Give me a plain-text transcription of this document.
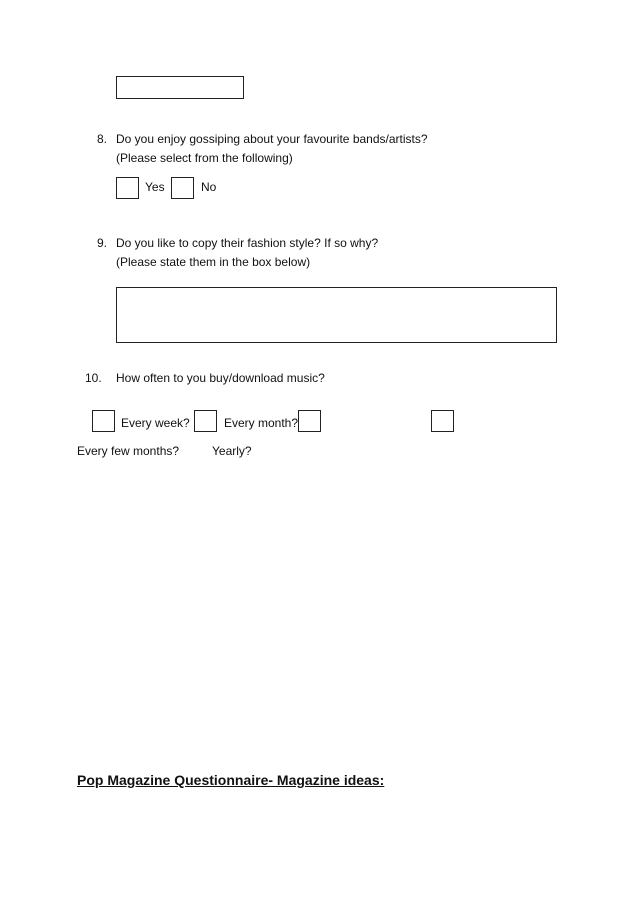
8. Do you enjoy gossiping about your favourite bands/artists?
(Please select from the following)
Yes	No
9. Do you like to copy their fashion style? If so why?
(Please state them in the box below)
10.	How often to you buy/download music?
Every week?	Every month?
Every few months?	Yearly?
Pop Magazine Questionnaire- Magazine ideas:
